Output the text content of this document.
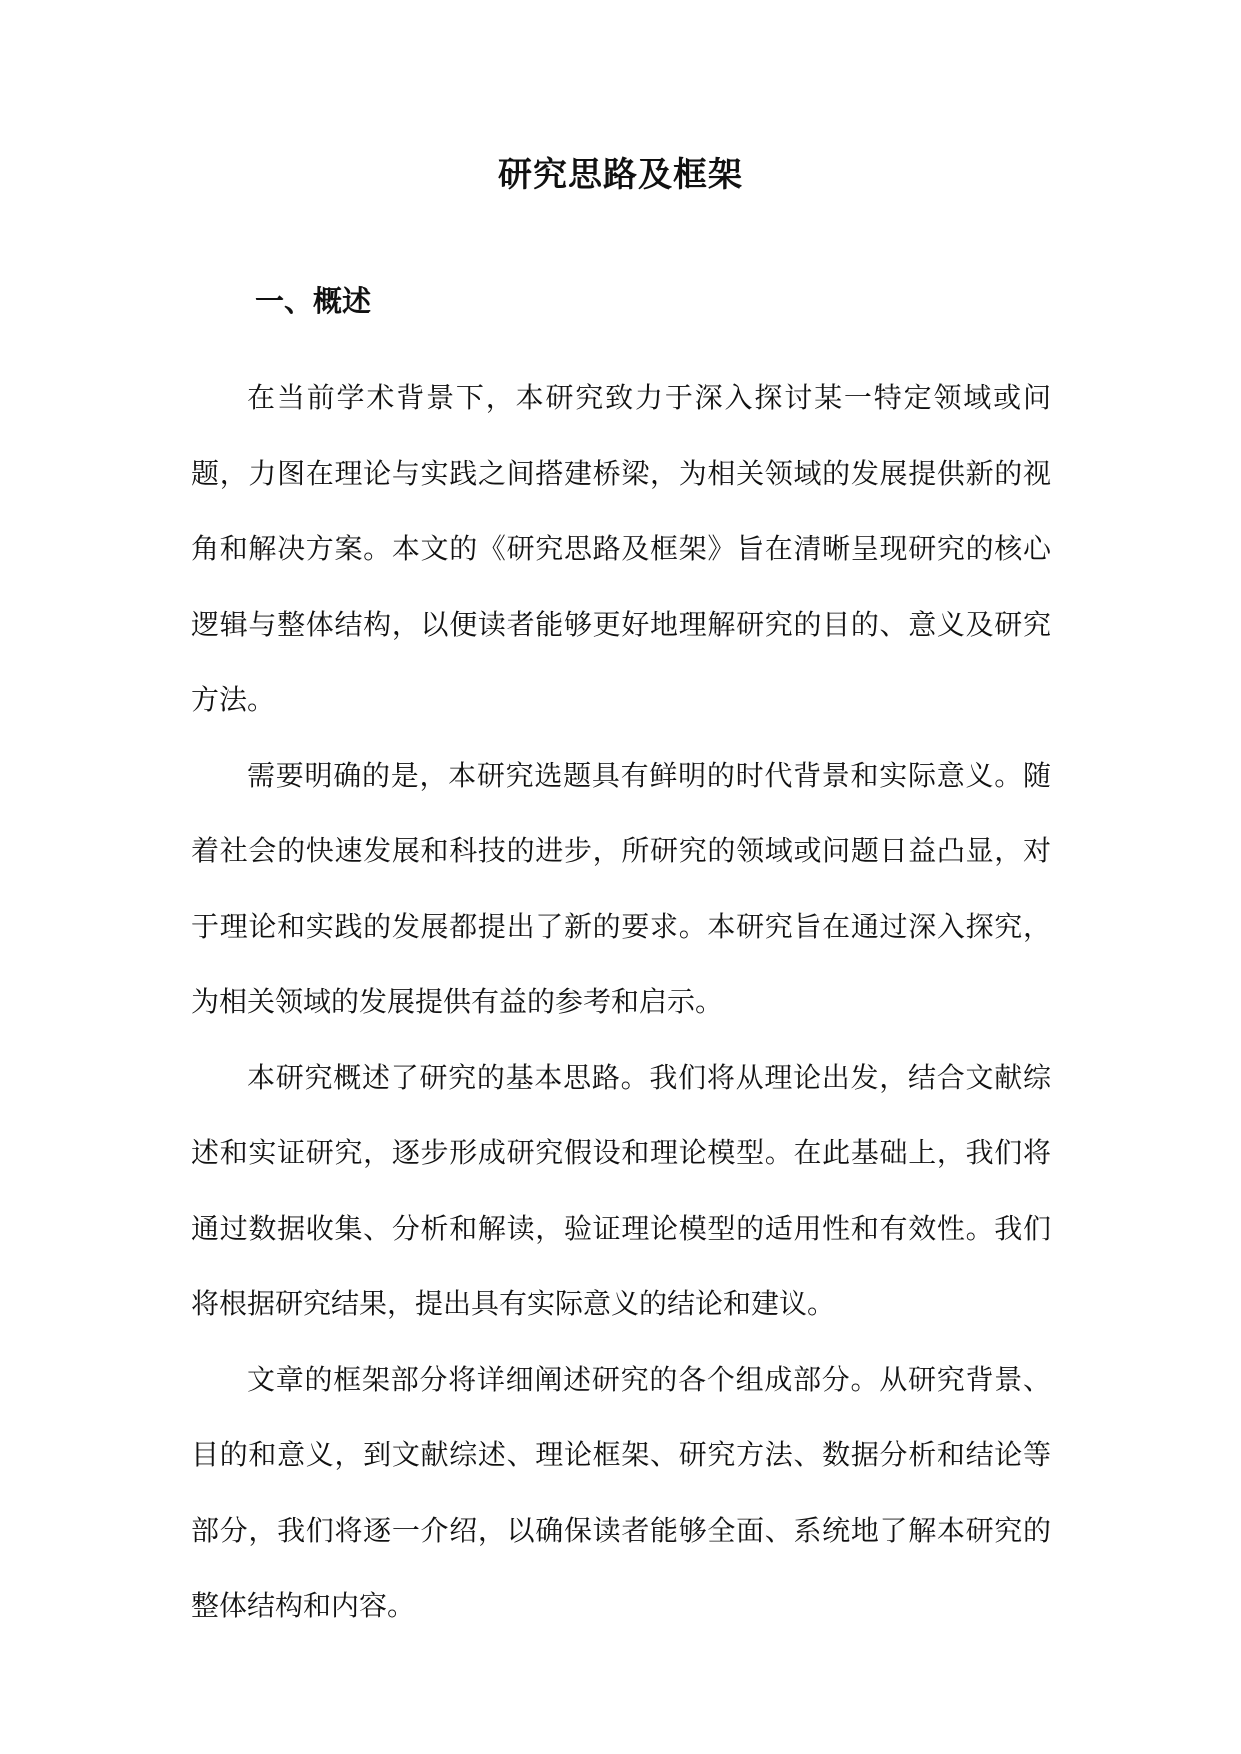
研究思路及框架
一、概述

在当前学术背景下，本研究致力于深入探讨某一特定领域或问题，力图在理论与实践之间搭建桥梁，为相关领域的发展提供新的视角和解决方案。本文的《研究思路及框架》旨在清晰呈现研究的核心逻辑与整体结构，以便读者能够更好地理解研究的目的、意义及研究方法。

需要明确的是，本研究选题具有鲜明的时代背景和实际意义。随着社会的快速发展和科技的进步，所研究的领域或问题日益凸显，对于理论和实践的发展都提出了新的要求。本研究旨在通过深入探究，为相关领域的发展提供有益的参考和启示。

本研究概述了研究的基本思路。我们将从理论出发，结合文献综述和实证研究，逐步形成研究假设和理论模型。在此基础上，我们将通过数据收集、分析和解读，验证理论模型的适用性和有效性。我们将根据研究结果，提出具有实际意义的结论和建议。

文章的框架部分将详细阐述研究的各个组成部分。从研究背景、目的和意义，到文献综述、理论框架、研究方法、数据分析和结论等部分，我们将逐一介绍，以确保读者能够全面、系统地了解本研究的整体结构和内容。
